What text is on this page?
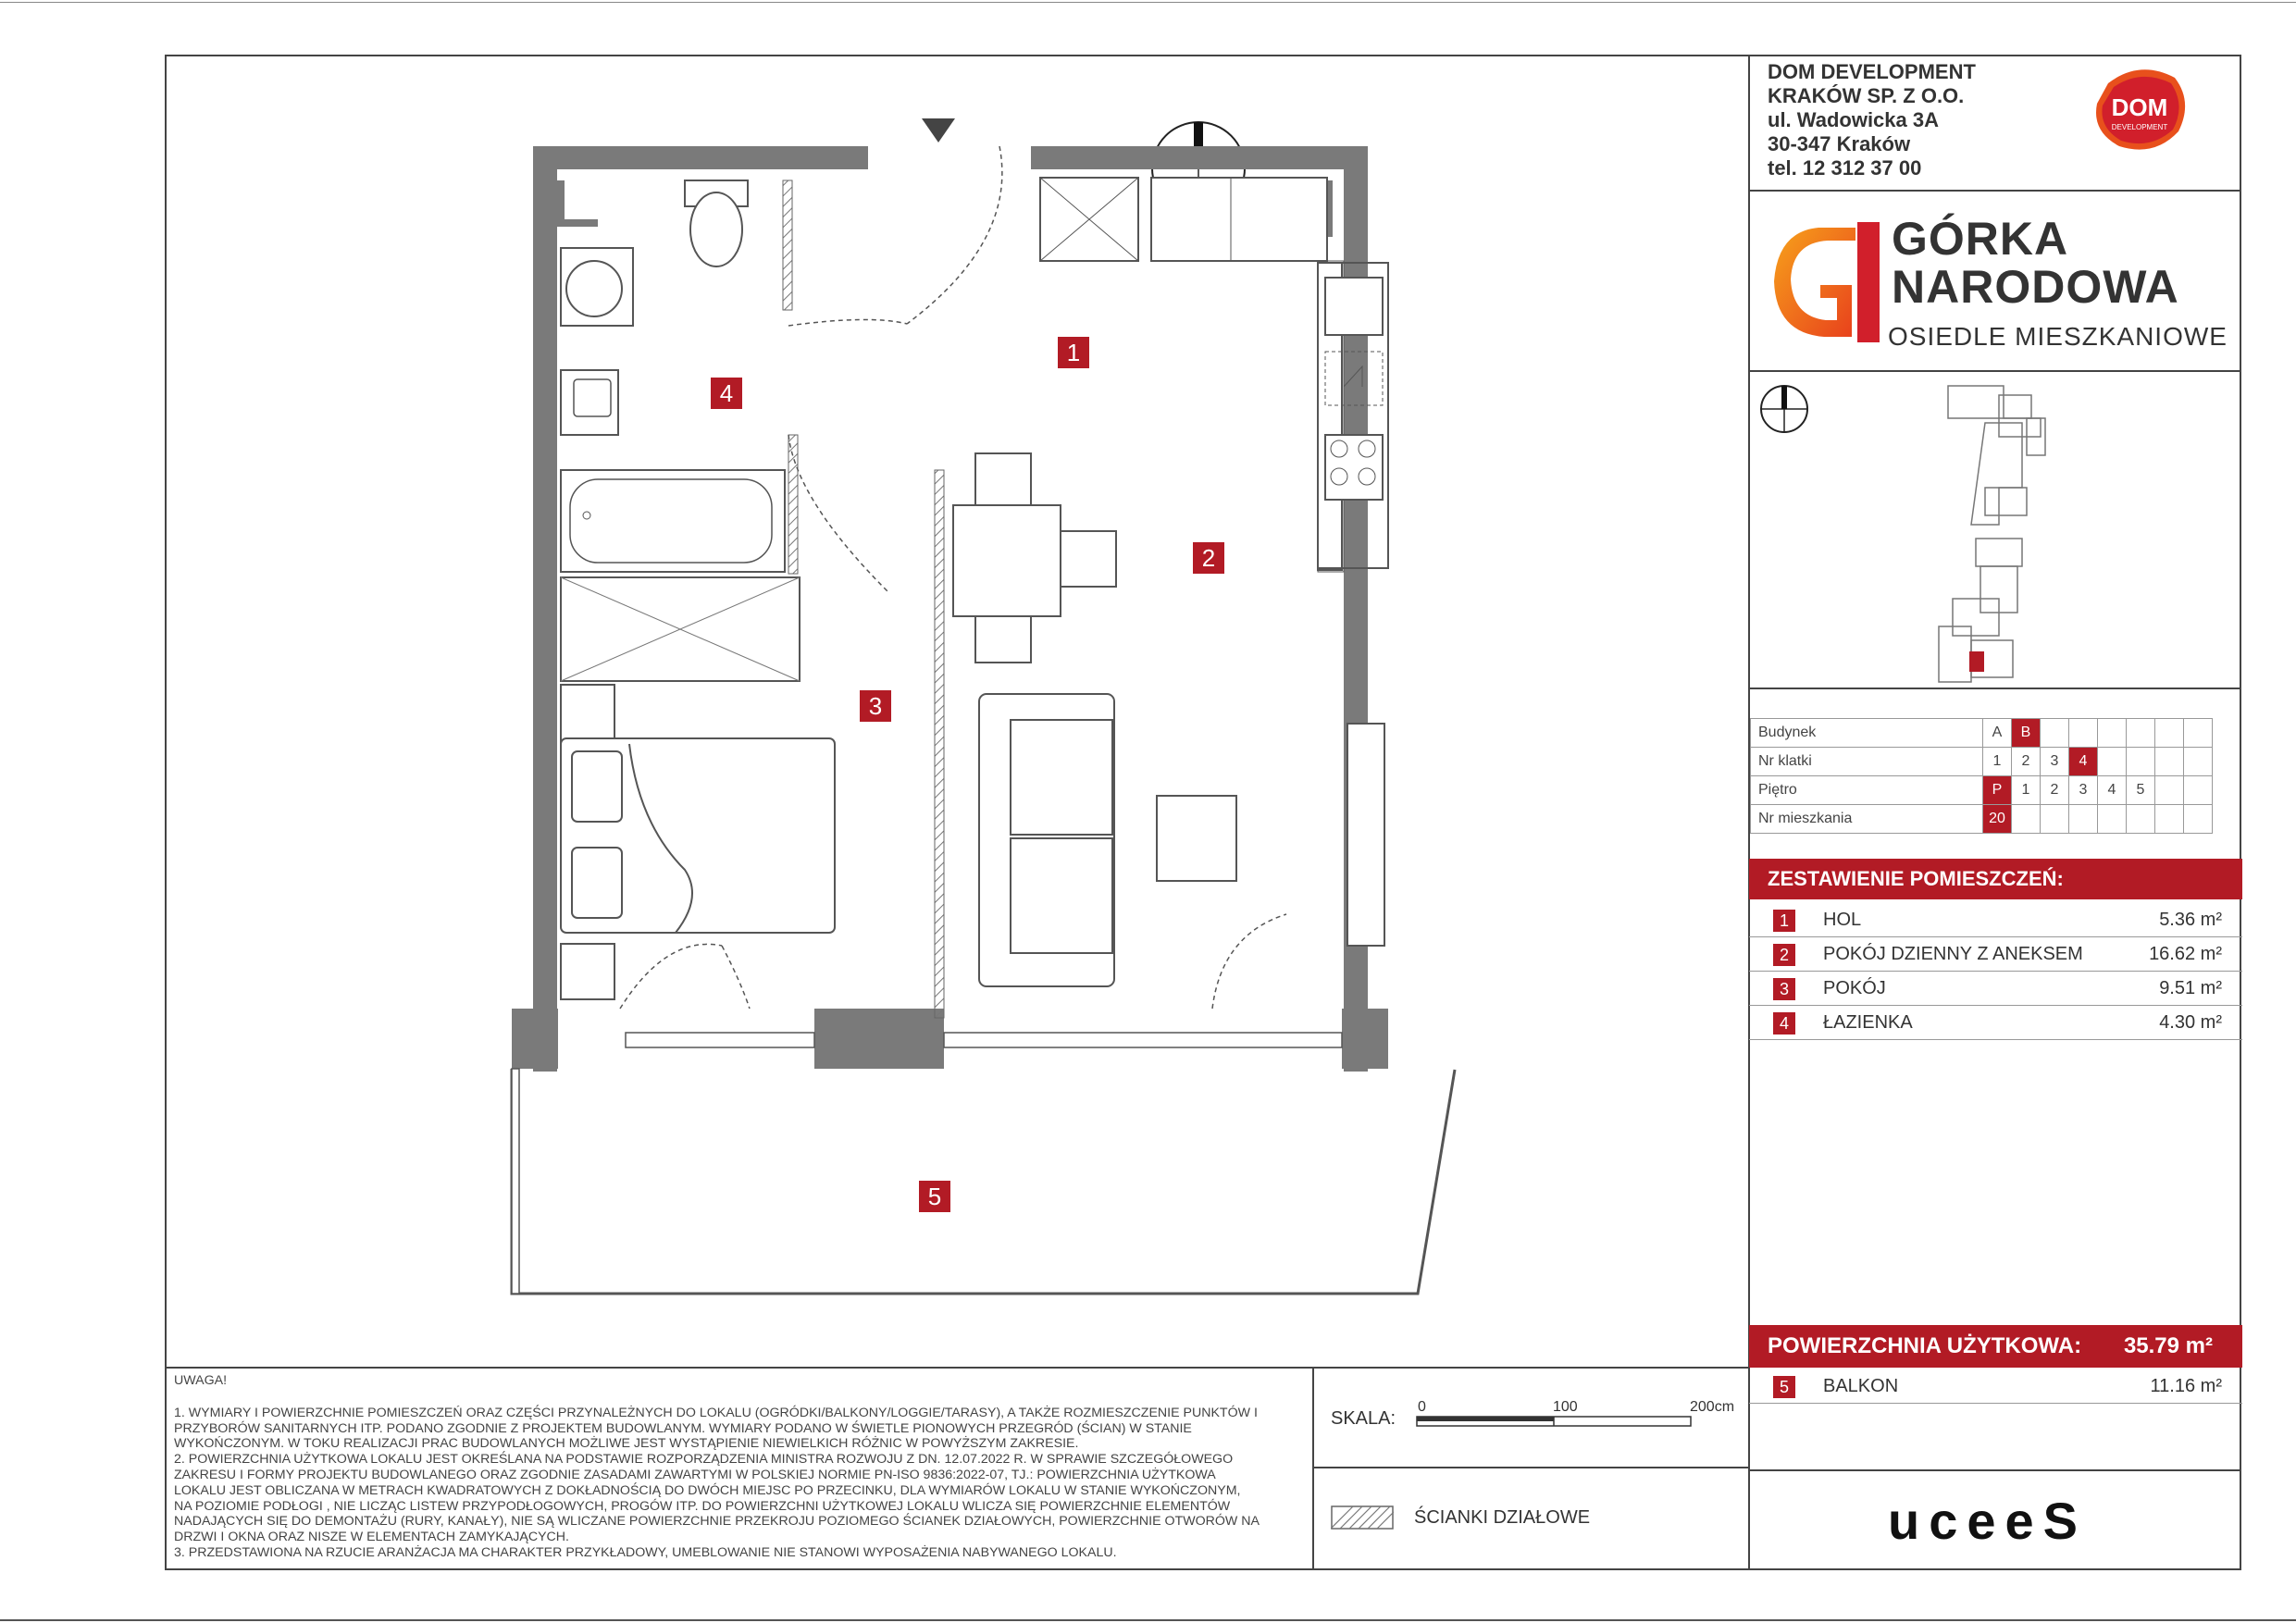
DOM DEVELOPMENT
KRAKÓW SP. Z O.O.
ul. Wadowicka 3A
30-347 Kraków
tel. 12 312 37 00
DOM
DEVELOPMENT
GÓRKA
NARODOWA
OSIEDLE MIESZKANIOWE
Budynek	A	B						
Nr klatki	1	2	3	4				
Piętro	P	1	2	3	4	5		
Nr mieszkania	20							
ZESTAWIENIE POMIESZCZEŃ:
1	HOL	5.36 m²
2	POKÓJ DZIENNY Z ANEKSEM	16.62 m²
3	POKÓJ	9.51 m²
4	ŁAZIENKA	4.30 m²
POWIERZCHNIA UŻYTKOWA: 35.79 m²
5	BALKON	11.16 m²
uceeS
UWAGA!
1. WYMIARY I POWIERZCHNIE POMIESZCZEŃ ORAZ CZĘŚCI PRZYNALEŻNYCH DO LOKALU (OGRÓDKI/BALKONY/LOGGIE/TARASY), A TAKŻE ROZMIESZCZENIE PUNKTÓW I
PRZYBORÓW SANITARNYCH ITP. PODANO ZGODNIE Z PROJEKTEM BUDOWLANYM. WYMIARY PODANO W ŚWIETLE PIONOWYCH PRZEGRÓD (ŚCIAN) W STANIE
WYKOŃCZONYM. W TOKU REALIZACJI PRAC BUDOWLANYCH MOŻLIWE JEST WYSTĄPIENIE NIEWIELKICH RÓŻNIC W POWYŻSZYM ZAKRESIE.
2. POWIERZCHNIA UŻYTKOWA LOKALU JEST OKREŚLANA NA PODSTAWIE ROZPORZĄDZENIA MINISTRA ROZWOJU Z DN. 12.07.2022 R. W SPRAWIE SZCZEGÓŁOWEGO
ZAKRESU I FORMY PROJEKTU BUDOWLANEGO ORAZ ZGODNIE ZASADAMI ZAWARTYMI W POLSKIEJ NORMIE PN-ISO 9836:2022-07, TJ.: POWIERZCHNIA UŻYTKOWA
LOKALU JEST OBLICZANA W METRACH KWADRATOWYCH Z DOKŁADNOŚCIĄ DO DWÓCH MIEJSC PO PRZECINKU, DLA WYMIARÓW LOKALU W STANIE WYKOŃCZONYM,
NA POZIOMIE PODŁOGI , NIE LICZĄC LISTEW PRZYPODŁOGOWYCH, PROGÓW ITP. DO POWIERZCHNI UŻYTKOWEJ LOKALU WLICZA SIĘ POWIERZCHNIE ELEMENTÓW
NADAJĄCYCH SIĘ DO DEMONTAŻU (RURY, KANAŁY), NIE SĄ WLICZANE POWIERZCHNIE PRZEKROJU POZIOMEGO ŚCIANEK DZIAŁOWYCH, POWIERZCHNIE OTWORÓW NA
DRZWI I OKNA ORAZ NISZE W ELEMENTACH ZAMYKAJĄCYCH.
3. PRZEDSTAWIONA NA RZUCIE ARANŻACJA MA CHARAKTER PRZYKŁADOWY, UMEBLOWANIE NIE STANOWI WYPOSAŻENIA NABYWANEGO LOKALU.
SKALA:
0	100	200cm
ŚCIANKI DZIAŁOWE
1
2
3
4
5
